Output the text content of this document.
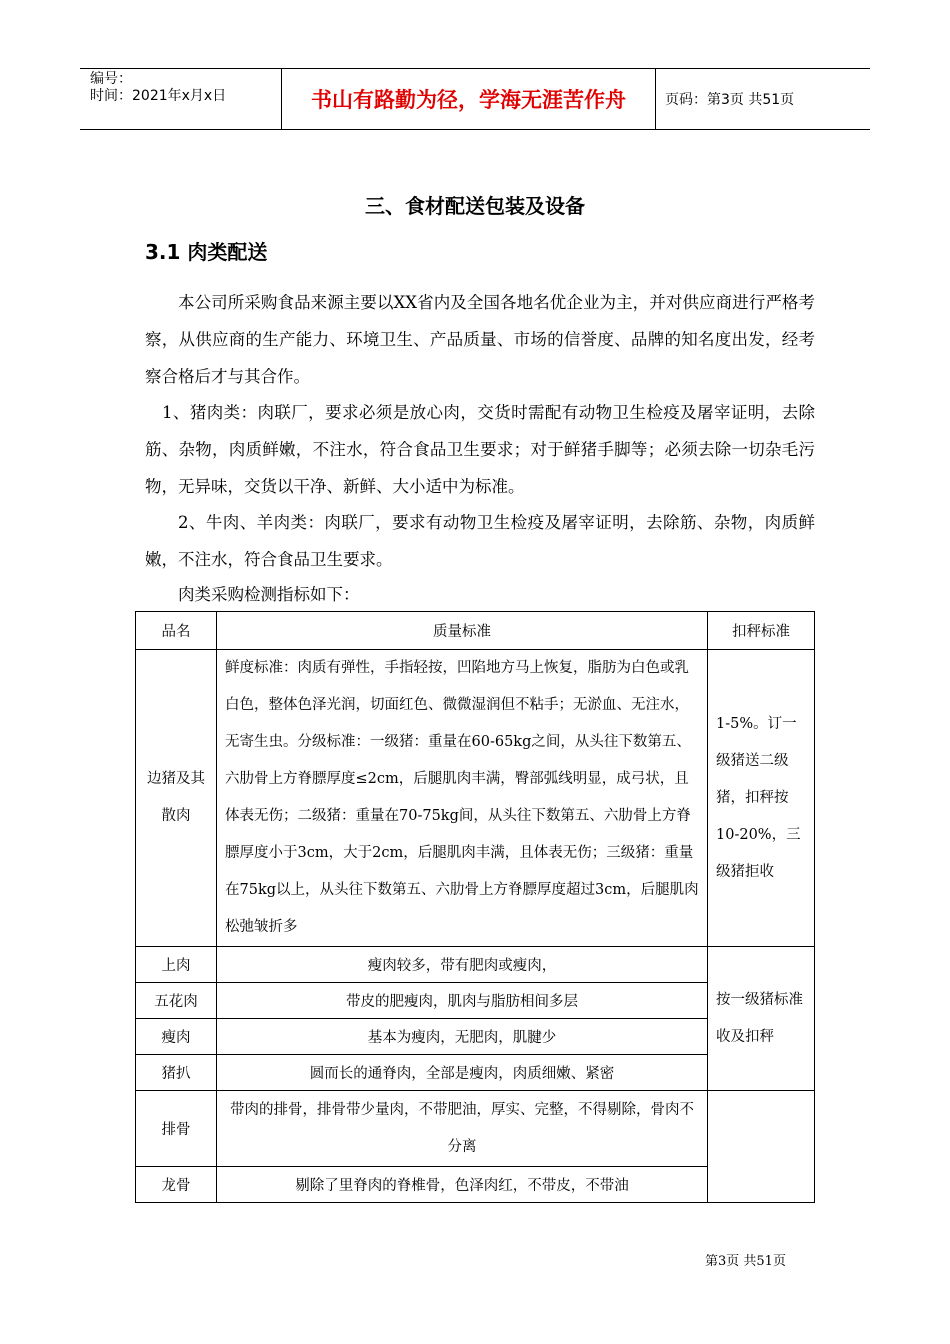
编号：
时间：2021年x月x日	书山有路勤为径，学海无涯苦作舟	页码：第3页 共51页
三、食材配送包装及设备
3.1 肉类配送

本公司所采购食品来源主要以XX省内及全国各地名优企业为主，并对供应商进行严格考察，从供应商的生产能力、环境卫生、产品质量、市场的信誉度、品牌的知名度出发，经考察合格后才与其合作。

1、猪肉类：肉联厂，要求必须是放心肉，交货时需配有动物卫生检疫及屠宰证明，去除筋、杂物，肉质鲜嫩，不注水，符合食品卫生要求；对于鲜猪手脚等；必须去除一切杂毛污物，无异味，交货以干净、新鲜、大小适中为标准。

2、牛肉、羊肉类：肉联厂，要求有动物卫生检疫及屠宰证明，去除筋、杂物，肉质鲜嫩，不注水，符合食品卫生要求。

肉类采购检测指标如下：

品名	质量标准	扣秤标准
边猪及其散肉	鲜度标准：肉质有弹性，手指轻按，凹陷地方马上恢复，脂肪为白色或乳白色，整体色泽光润，切面红色、微微湿润但不粘手；无淤血、无注水，无寄生虫。分级标准：一级猪：重量在60-65kg之间，从头往下数第五、六肋骨上方脊膘厚度≤2cm，后腿肌肉丰满，臀部弧线明显，成弓状，且体表无伤；二级猪：重量在70-75kg间，从头往下数第五、六肋骨上方脊膘厚度小于3cm，大于2cm，后腿肌肉丰满，且体表无伤；三级猪：重量在75kg以上，从头往下数第五、六肋骨上方脊膘厚度超过3cm，后腿肌肉松弛皱折多	1-5%。订一级猪送二级猪，扣秤按10-20%，三级猪拒收
上肉	瘦肉较多，带有肥肉或瘦肉，	按一级猪标准收及扣秤
五花肉	带皮的肥瘦肉，肌肉与脂肪相间多层	
瘦肉	基本为瘦肉，无肥肉，肌腱少	
猪扒	圆而长的通脊肉，全部是瘦肉，肉质细嫩、紧密	
排骨	带肉的排骨，排骨带少量肉，不带肥油，厚实、完整，不得剔除，骨肉不分离	
龙骨	剔除了里脊肉的脊椎骨，色泽肉红，不带皮，不带油	
第3页 共51页
